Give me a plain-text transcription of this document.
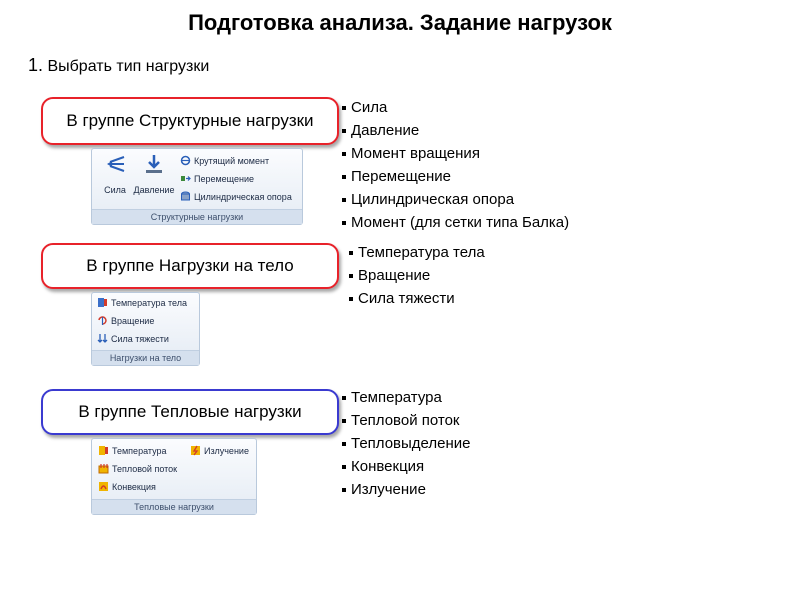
Подготовка анализа. Задание нагрузок
1. Выбрать тип нагрузки
В группе Структурные нагрузки
Сила
Давление
Момент вращения
Перемещение
Цилиндрическая опора
Момент (для сетки типа Балка)
Сила Давление
Крутящий момент
Перемещение
Цилиндрическая опора
Структурные нагрузки
В группе Нагрузки на тело
Температура тела
Вращение
Сила тяжести
Температура тела
Вращение
Сила тяжести
Нагрузки на тело
В группе Тепловые нагрузки
Температура
Тепловой поток
Тепловыделение
Конвекция
Излучение
Температура
Тепловой поток
Конвекция
Излучение
Тепловые нагрузки
